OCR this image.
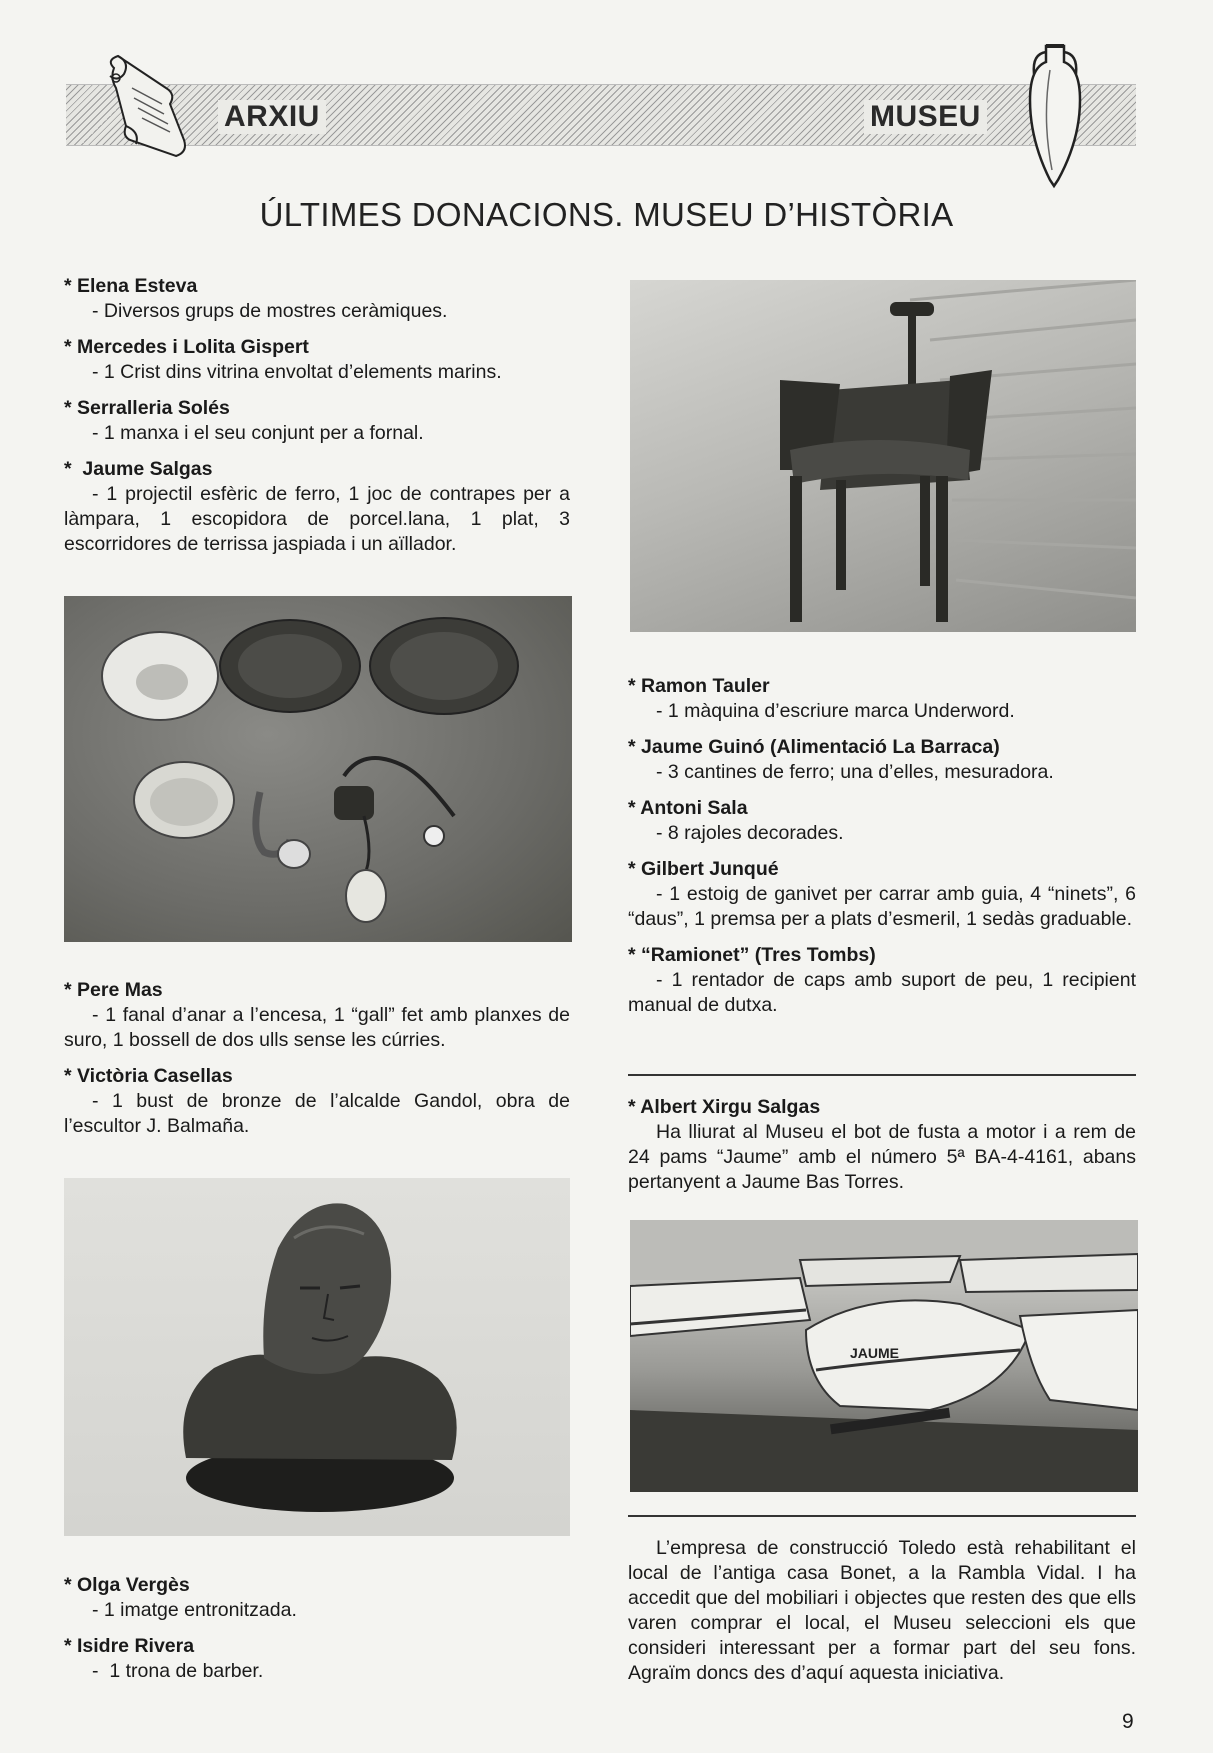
ARXIU	MUSEU
ÚLTIMES DONACIONS. MUSEU D’HISTÒRIA
* Elena Esteva
- Diversos grups de mostres ceràmiques.
* Mercedes i Lolita Gispert
- 1 Crist dins vitrina envoltat d’elements marins.
* Serralleria Solés
- 1 manxa i el seu conjunt per a fornal.
*  Jaume Salgas
- 1 projectil esfèric de ferro, 1 joc de contrapes per a làmpara, 1 escopidora de porcel.lana, 1 plat, 3 escorridores de terrissa jaspiada i un aïllador.
* Pere Mas
- 1 fanal d’anar a l’encesa, 1 “gall” fet amb planxes de suro, 1 bossell de dos ulls sense les cúrries.
* Victòria Casellas
- 1 bust de bronze de l’alcalde Gandol, obra de l’escultor J. Balmaña.
* Olga Vergès
- 1 imatge entronitzada.
* Isidre Rivera
-  1 trona de barber.
* Ramon Tauler
- 1 màquina d’escriure marca Underword.
* Jaume Guinó (Alimentació La Barraca)
- 3 cantines de ferro; una d’elles, mesuradora.
* Antoni Sala
- 8 rajoles decorades.
* Gilbert Junqué
- 1 estoig de ganivet per carrar amb guia, 4 “ninets”, 6 “daus”, 1 premsa per a plats d’esmeril, 1 sedàs graduable.
* “Ramionet” (Tres Tombs)
- 1 rentador de caps amb suport de peu, 1 recipient manual de dutxa.
* Albert Xirgu Salgas
Ha lliurat al Museu el bot de fusta a motor i a rem de 24 pams “Jaume” amb el número 5ª BA-4-4161, abans pertanyent a Jaume Bas Torres.
JAUME

L’empresa de construcció Toledo està rehabilitant el local de l’antiga casa Bonet, a la Rambla Vidal. I ha accedit que del mobiliari i objectes que resten des que ells varen comprar el local, el Museu seleccioni els que consideri interessant per a formar part del seu fons. Agraïm doncs des d’aquí aquesta iniciativa.

9
